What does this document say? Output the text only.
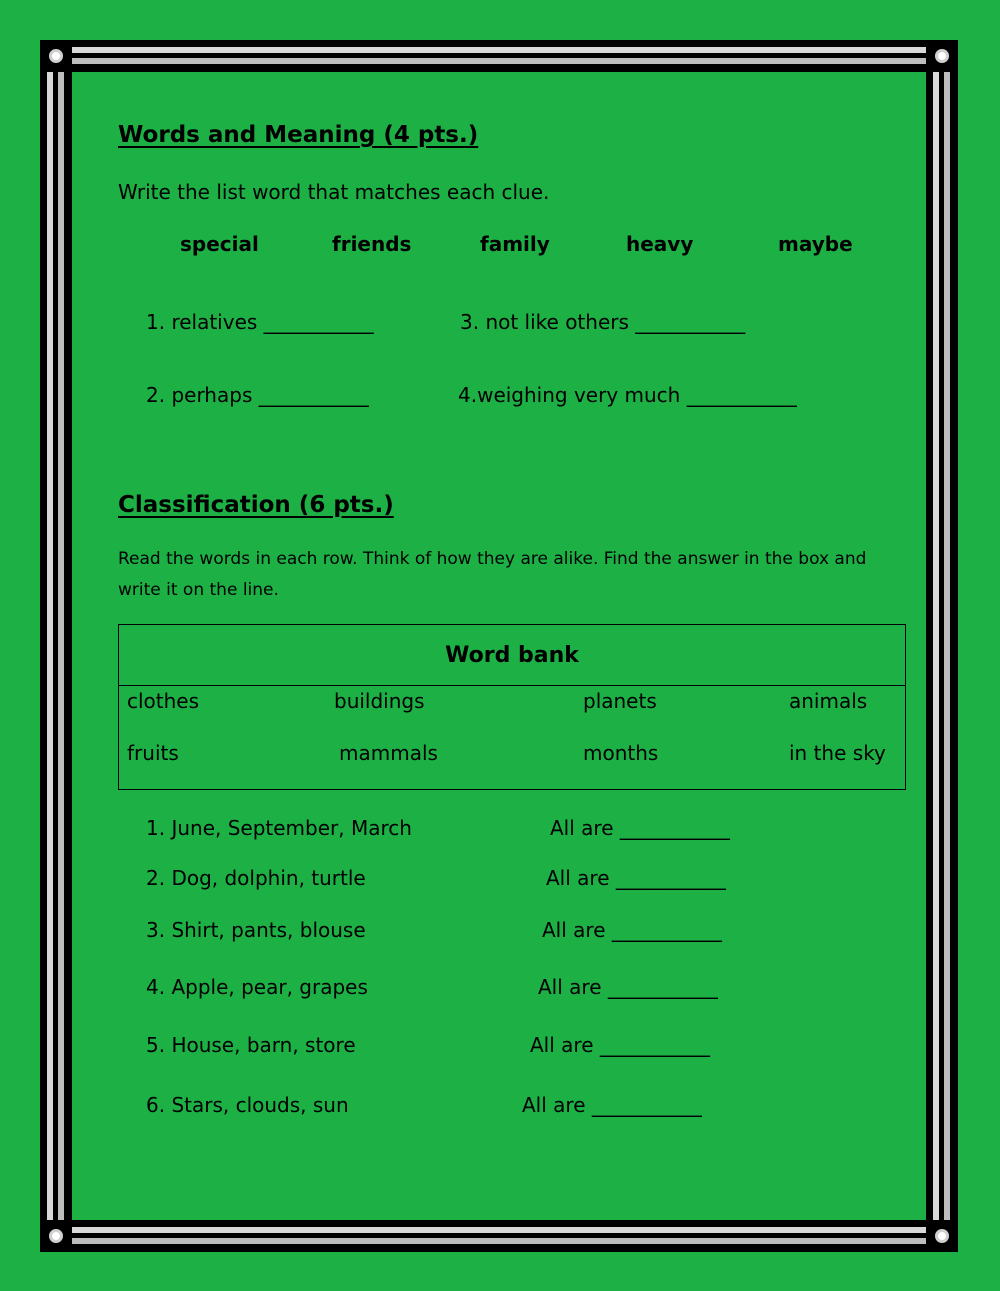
Words and Meaning (4 pts.)
Write the list word that matches each clue.
special	friends	family	heavy	maybe
1. relatives _____	3. not like others _____
2. perhaps _____	4.weighing very much _____
Classification (6 pts.)
Read the words in each row. Think of how they are alike. Find the answer in the box and write it on the line.
Word bank
clothes	buildings	planets	animals
fruits	mammals	months	in the sky
1. June, September, March	All are _____
2. Dog, dolphin, turtle	All are _____
3. Shirt, pants, blouse	All are _____
4. Apple, pear, grapes	All are _____
5. House, barn, store	All are _____
6. Stars, clouds, sun	All are _____
